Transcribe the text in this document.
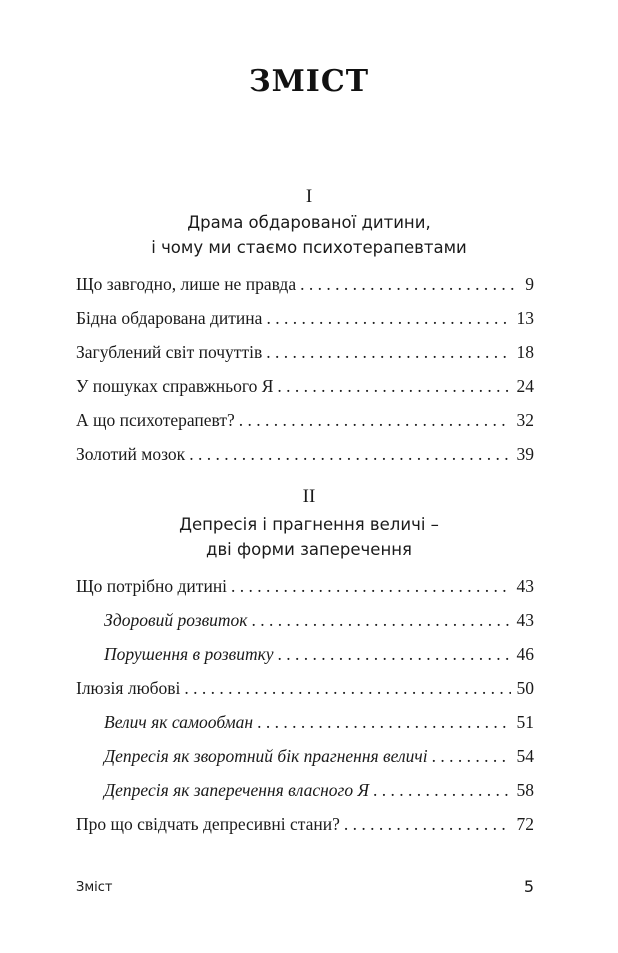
ЗМІСТ
I
Драма обдарованої дитини,
і чому ми стаємо психотерапевтами
Що завгодно, лише не правда . . .	9
Бідна обдарована дитина . . .	13
Загублений світ почуттів . . .	18
У пошуках справжнього Я . . .	24
А що психотерапевт? . . .	32
Золотий мозок . . .	39
II
Депресія і прагнення величі –
дві форми заперечення
Що потрібно дитині . . .	43
Здоровий розвиток . . .	43
Порушення в розвитку . . .	46
Ілюзія любові . . .	50
Велич як самообман . . .	51
Депресія як зворотний бік прагнення величі . . .	54
Депресія як заперечення власного Я . . .	58
Про що свідчать депресивні стани? . . .	72
Зміст	5
